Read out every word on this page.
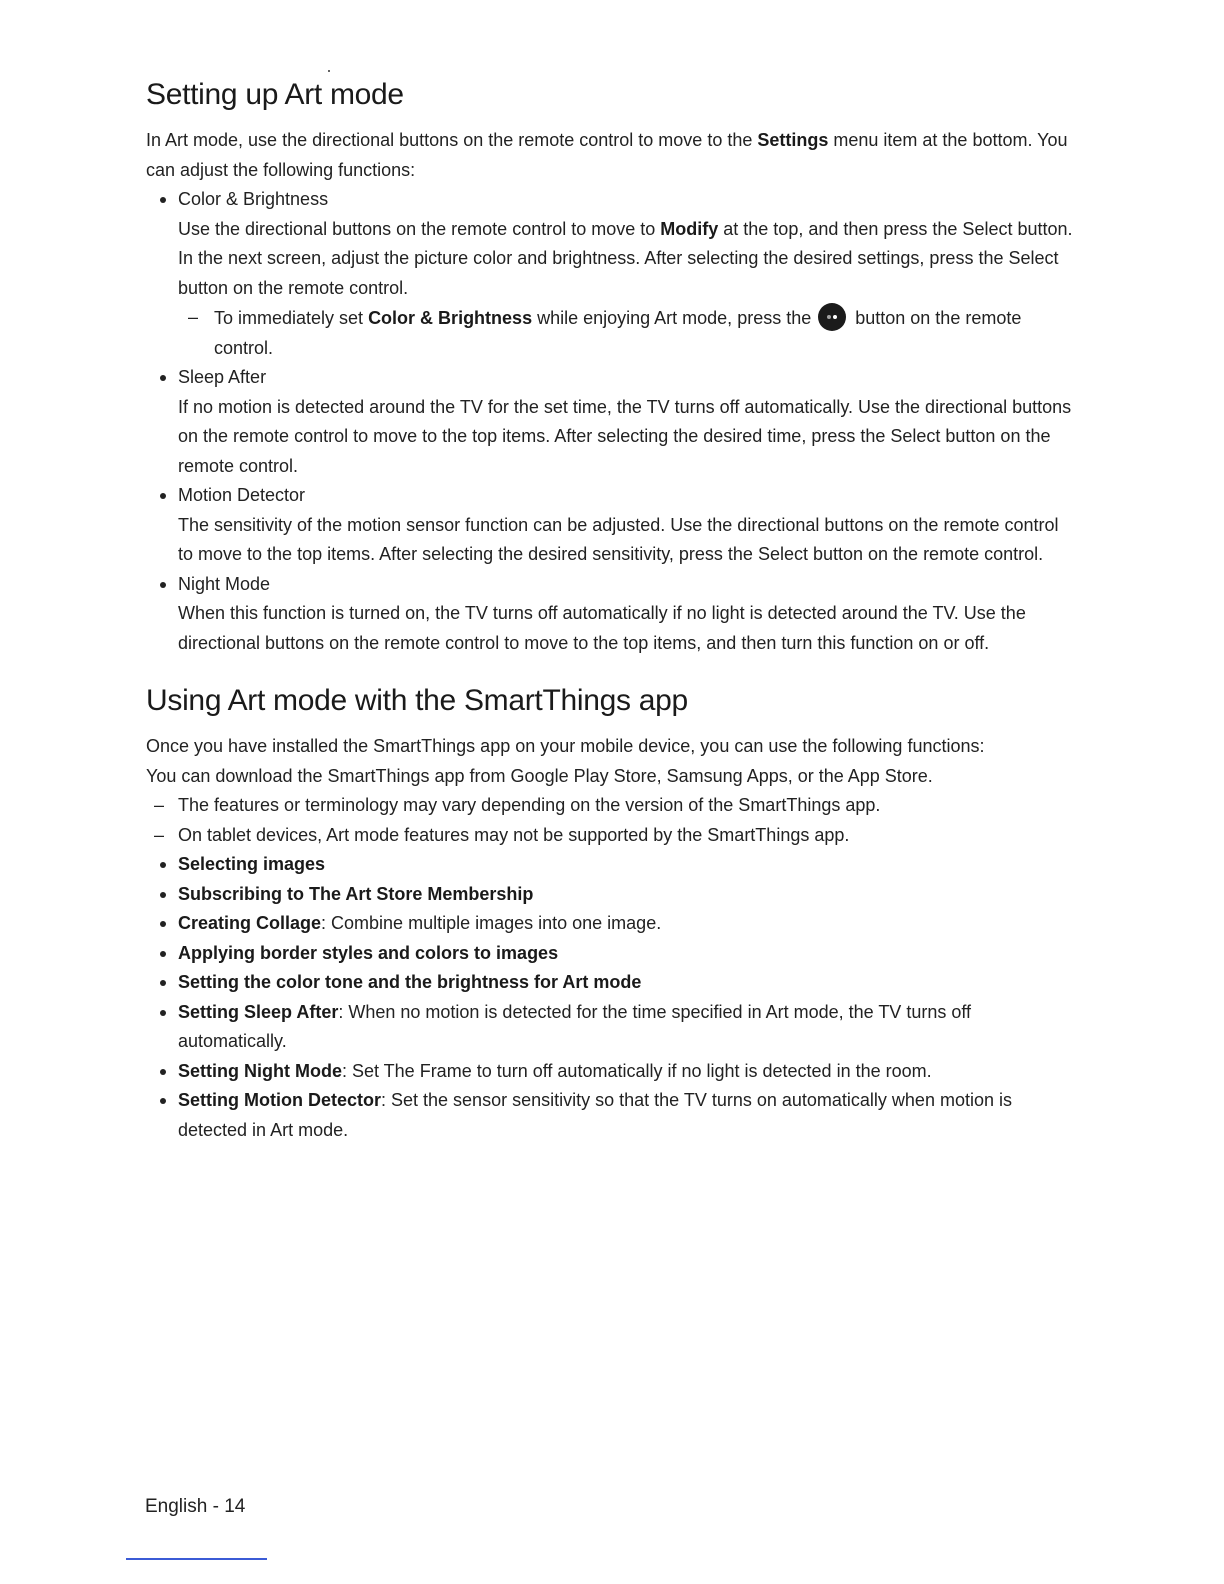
Setting up Art mode

In Art mode, use the directional buttons on the remote control to move to the Settings menu item at the bottom. You can adjust the following functions:

Color & Brightness
Use the directional buttons on the remote control to move to Modify at the top, and then press the Select button. In the next screen, adjust the picture color and brightness. After selecting the desired settings, press the Select button on the remote control.
– To immediately set Color & Brightness while enjoying Art mode, press the  button on the remote control.
Sleep After
If no motion is detected around the TV for the set time, the TV turns off automatically. Use the directional buttons on the remote control to move to the top items. After selecting the desired time, press the Select button on the remote control.
Motion Detector
The sensitivity of the motion sensor function can be adjusted. Use the directional buttons on the remote control to move to the top items. After selecting the desired sensitivity, press the Select button on the remote control.
Night Mode
When this function is turned on, the TV turns off automatically if no light is detected around the TV. Use the directional buttons on the remote control to move to the top items, and then turn this function on or off.
Using Art mode with the SmartThings app

Once you have installed the SmartThings app on your mobile device, you can use the following functions:

You can download the SmartThings app from Google Play Store, Samsung Apps, or the App Store.

– The features or terminology may vary depending on the version of the SmartThings app.
– On tablet devices, Art mode features may not be supported by the SmartThings app.
Selecting images
Subscribing to The Art Store Membership
Creating Collage: Combine multiple images into one image.
Applying border styles and colors to images
Setting the color tone and the brightness for Art mode
Setting Sleep After: When no motion is detected for the time specified in Art mode, the TV turns off automatically.
Setting Night Mode: Set The Frame to turn off automatically if no light is detected in the room.
Setting Motion Detector: Set the sensor sensitivity so that the TV turns on automatically when motion is detected in Art mode.
English - 14
